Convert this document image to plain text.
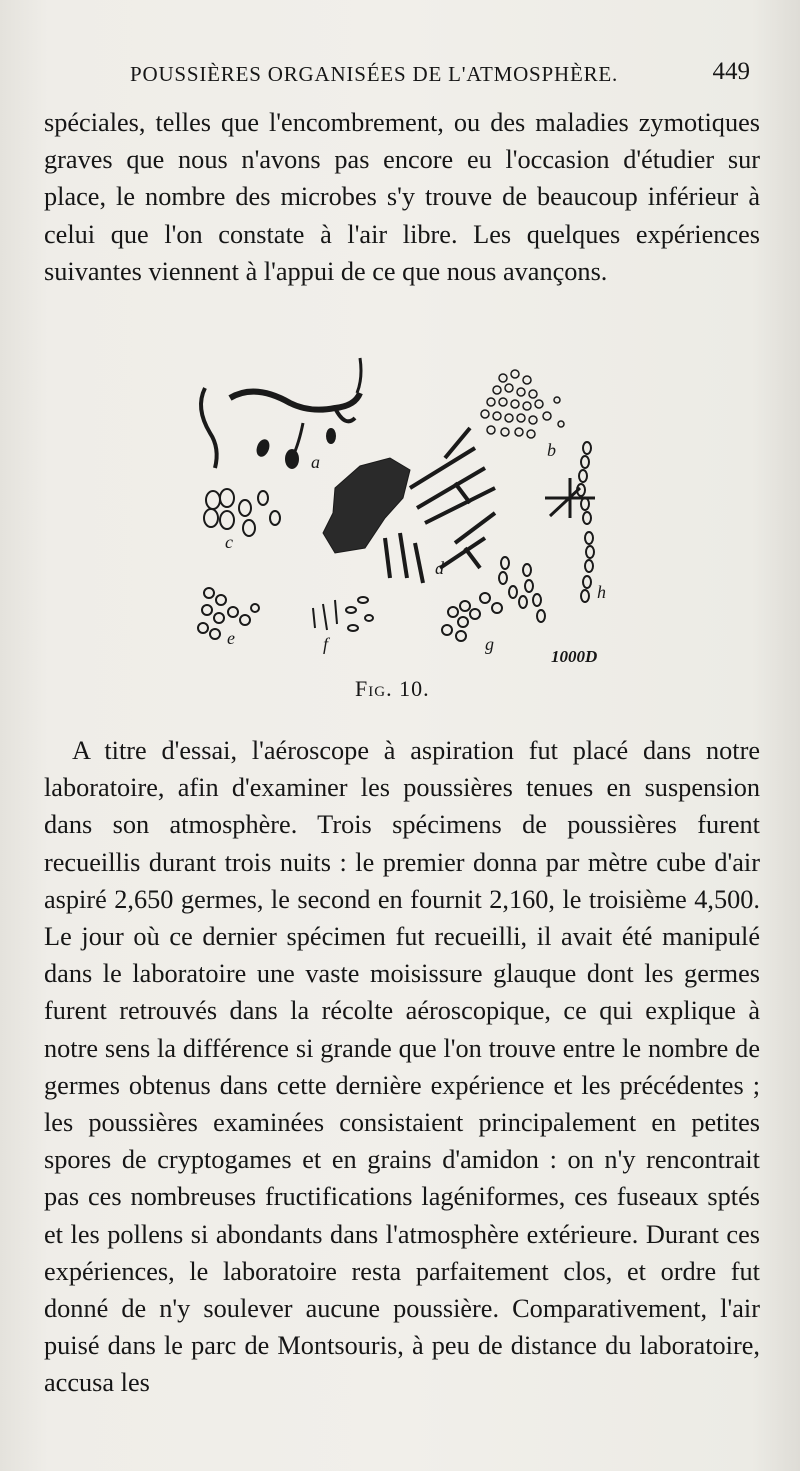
POUSSIÈRES ORGANISÉES DE L'ATMOSPHÈRE.	449
spéciales, telles que l'encombrement, ou des maladies zymotiques graves que nous n'avons pas encore eu l'occasion d'étudier sur place, le nombre des microbes s'y trouve de beaucoup inférieur à celui que l'on constate à l'air libre. Les quelques expériences suivantes viennent à l'appui de ce que nous avançons.
a
b
c
d
e	f	g
h
1000D
Fig. 10.
A titre d'essai, l'aéroscope à aspiration fut placé dans notre laboratoire, afin d'examiner les poussières tenues en suspension dans son atmosphère. Trois spécimens de poussières furent recueillis durant trois nuits : le premier donna par mètre cube d'air aspiré 2,650 germes, le second en fournit 2,160, le troisième 4,500. Le jour où ce dernier spécimen fut recueilli, il avait été manipulé dans le laboratoire une vaste moisissure glauque dont les germes furent retrouvés dans la récolte aéroscopique, ce qui explique à notre sens la différence si grande que l'on trouve entre le nombre de germes obtenus dans cette dernière expérience et les précédentes ; les poussières examinées consistaient principalement en petites spores de cryptogames et en grains d'amidon : on n'y rencontrait pas ces nombreuses fructifications lagéniformes, ces fuseaux sptés et les pollens si abondants dans l'atmosphère extérieure. Durant ces expériences, le laboratoire resta parfaitement clos, et ordre fut donné de n'y soulever aucune poussière. Comparativement, l'air puisé dans le parc de Montsouris, à peu de distance du laboratoire, accusa les
